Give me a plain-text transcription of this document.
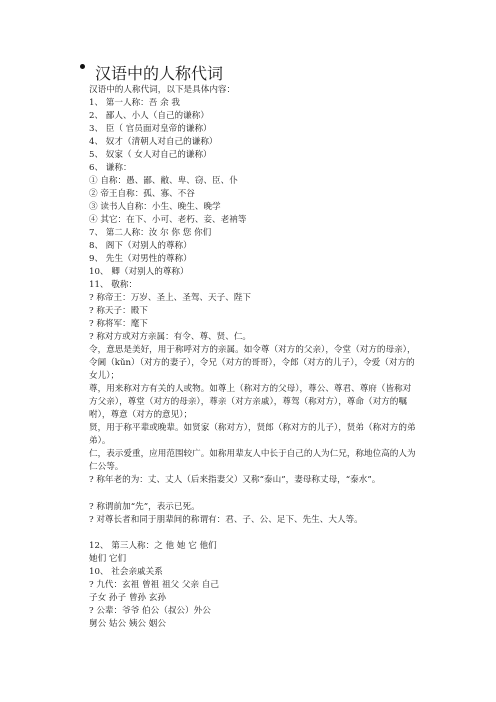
汉语中的人称代词
汉语中的人称代词，以下是具体内容：
1、 第一人称：吾 余 我
2、 鄙人、小人（自己的谦称）
3、 臣（ 官员面对皇帝的谦称）
4、 奴才（清朝人对自己的谦称）
5、 奴家（ 女人对自己的谦称）
6、 谦称：
① 自称：愚、鄙、敝、卑、窃、臣、仆
② 帝王自称：孤、寡、不谷
③ 读书人自称：小生、晚生、晚学
④ 其它：在下、小可、老朽、妾、老衲等
7、 第二人称：汝 尔 你 您 你们
8、 阁下（对别人的尊称）
9、 先生（对男性的尊称）
10、 卿（对别人的尊称）
11、 敬称：
? 称帝王：万岁、圣上、圣驾、天子、陛下
? 称天子：殿下
? 称将军：麾下
? 称对方或对方亲属：有令、尊、贤、仁。
令，意思是美好，用于称呼对方的亲属。如令尊（对方的父亲），令堂（对方的母亲），令阃（kǔn）（对方的妻子），令兄（对方的哥哥），令郎（对方的儿子），令爱（对方的女儿）；
尊，用来称对方有关的人或物。如尊上（称对方的父母），尊公、尊君、尊府（皆称对方父亲），尊堂（对方的母亲），尊亲（对方亲戚），尊驾（称对方），尊命（对方的嘱咐），尊意（对方的意见）；
贤，用于称平辈或晚辈。如贤家（称对方），贤郎（称对方的儿子），贤弟（称对方的弟弟）。
仁，表示爱重，应用范围较广。如称用辈友人中长于自己的人为仁兄，称地位高的人为仁公等。
? 称年老的为：丈、丈人（后来指妻父）又称“泰山”，妻母称丈母，“泰水”。
? 称谓前加“先”，表示已死。
? 对尊长者和同于朋辈间的称谓有：君、子、公、足下、先生、大人等。
12、 第三人称：之 他 她 它 他们
她们 它们
10、 社会亲戚关系
? 九代：玄祖 曾祖 祖父 父亲 自己
子女 孙子 曾孙 玄孙
? 公辈：爷爷 伯公（叔公）外公
舅公 姑公 姨公 姻公
